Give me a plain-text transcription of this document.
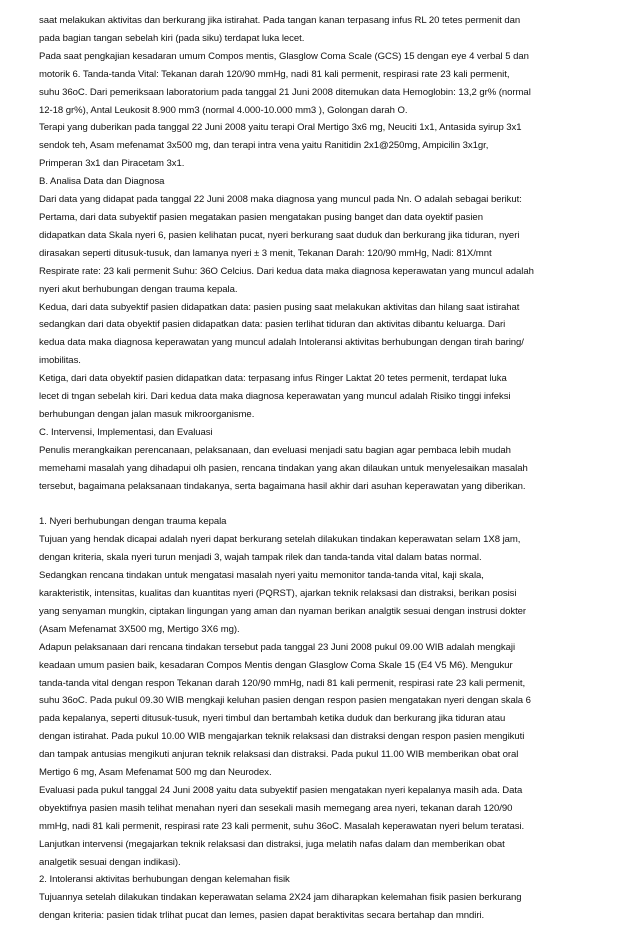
saat melakukan aktivitas dan berkurang jika istirahat. Pada tangan kanan terpasang infus RL 20 tetes permenit dan
pada bagian tangan sebelah kiri (pada siku) terdapat luka lecet.
Pada saat pengkajian kesadaran umum Compos mentis, Glasglow Coma Scale (GCS) 15 dengan eye 4 verbal 5 dan
motorik 6. Tanda-tanda Vital: Tekanan darah 120/90 mmHg, nadi 81 kali permenit, respirasi rate 23 kali permenit,
suhu 36oC. Dari pemeriksaan laboratorium pada tanggal 21 Juni 2008 ditemukan data Hemoglobin: 13,2 gr% (normal
12-18 gr%), Antal Leukosit 8.900 mm3 (normal 4.000-10.000 mm3 ), Golongan darah O.
Terapi yang duberikan pada tanggal 22 Juni 2008 yaitu terapi Oral Mertigo 3x6 mg, Neuciti 1x1, Antasida syirup 3x1
sendok teh, Asam mefenamat 3x500 mg, dan terapi intra vena yaitu Ranitidin 2x1@250mg, Ampicilin 3x1gr,
Primperan 3x1 dan Piracetam 3x1.
B. Analisa Data dan Diagnosa
Dari data yang didapat pada tanggal 22 Juni 2008 maka diagnosa yang muncul pada Nn. O adalah sebagai berikut:
Pertama, dari data subyektif pasien megatakan pasien mengatakan pusing banget dan data oyektif pasien
didapatkan data Skala nyeri 6, pasien kelihatan pucat, nyeri berkurang saat duduk dan berkurang jika tiduran, nyeri
dirasakan seperti ditusuk-tusuk, dan lamanya nyeri ± 3 menit, Tekanan Darah: 120/90 mmHg, Nadi: 81X/mnt
Respirate rate: 23 kali permenit Suhu: 36O Celcius. Dari kedua data maka diagnosa keperawatan yang muncul adalah
nyeri akut berhubungan dengan trauma kepala.
Kedua, dari data subyektif pasien didapatkan data: pasien pusing saat melakukan aktivitas dan hilang saat istirahat
sedangkan dari data obyektif pasien didapatkan data: pasien terlihat tiduran dan aktivitas dibantu keluarga. Dari
kedua data maka diagnosa keperawatan yang muncul adalah Intoleransi aktivitas berhubungan dengan tirah baring/
imobilitas.
Ketiga, dari data obyektif pasien didapatkan data: terpasang infus Ringer Laktat 20 tetes permenit, terdapat luka
lecet di tngan sebelah kiri. Dari kedua data maka diagnosa keperawatan yang muncul adalah Risiko tinggi infeksi
berhubungan dengan jalan masuk mikroorganisme.
C. Intervensi, Implementasi, dan Evaluasi
Penulis merangkaikan perencanaan, pelaksanaan, dan eveluasi menjadi satu bagian agar pembaca lebih mudah
memehami masalah yang dihadapui olh pasien, rencana tindakan yang akan dilaukan untuk menyelesaikan masalah
tersebut, bagaimana pelaksanaan tindakanya, serta bagaimana hasil akhir dari asuhan keperawatan yang diberikan.
1. Nyeri berhubungan dengan trauma kepala
Tujuan yang hendak dicapai adalah nyeri dapat berkurang setelah dilakukan tindakan keperawatan selam 1X8 jam,
dengan kriteria, skala nyeri turun menjadi 3, wajah tampak rilek dan tanda-tanda vital dalam batas normal.
Sedangkan rencana tindakan untuk mengatasi masalah nyeri yaitu memonitor tanda-tanda vital, kaji skala,
karakteristik, intensitas, kualitas dan kuantitas nyeri (PQRST), ajarkan teknik relaksasi dan distraksi, berikan posisi
yang senyaman mungkin, ciptakan lingungan yang aman dan nyaman berikan analgtik sesuai dengan instrusi dokter
(Asam Mefenamat 3X500 mg, Mertigo 3X6 mg).
Adapun pelaksanaan dari rencana tindakan tersebut pada tanggal 23 Juni 2008 pukul 09.00 WIB adalah mengkaji
keadaan umum pasien baik, kesadaran Compos Mentis dengan Glasglow Coma Skale 15 (E4 V5 M6). Mengukur
tanda-tanda vital dengan respon Tekanan darah 120/90 mmHg, nadi 81 kali permenit, respirasi rate 23 kali permenit,
suhu 36oC. Pada pukul 09.30 WIB mengkaji keluhan pasien dengan respon pasien mengatakan nyeri dengan skala 6
pada kepalanya, seperti ditusuk-tusuk, nyeri timbul dan bertambah ketika duduk dan berkurang jika tiduran atau
dengan istirahat. Pada pukul 10.00 WIB mengajarkan teknik relaksasi dan distraksi dengan respon pasien mengikuti
dan tampak antusias mengikuti anjuran teknik relaksasi dan distraksi. Pada pukul 11.00 WIB memberikan obat oral
Mertigo 6 mg, Asam Mefenamat 500 mg dan Neurodex.
Evaluasi pada pukul tanggal 24 Juni 2008 yaitu data subyektif pasien mengatakan nyeri kepalanya masih ada. Data
obyektifnya pasien masih telihat menahan nyeri dan sesekali masih memegang area nyeri, tekanan darah 120/90
mmHg, nadi 81 kali permenit, respirasi rate 23 kali permenit, suhu 36oC. Masalah keperawatan nyeri belum teratasi.
Lanjutkan intervensi (megajarkan teknik relaksasi dan distraksi, juga melatih nafas dalam dan memberikan obat
analgetik sesuai dengan indikasi).
2. Intoleransi aktivitas berhubungan dengan kelemahan fisik
Tujuannya setelah dilakukan tindakan keperawatan selama 2X24 jam diharapkan kelemahan fisik pasien berkurang
dengan kriteria: pasien tidak trlihat pucat dan lemes, pasien dapat beraktivitas secara bertahap dan mndiri.
